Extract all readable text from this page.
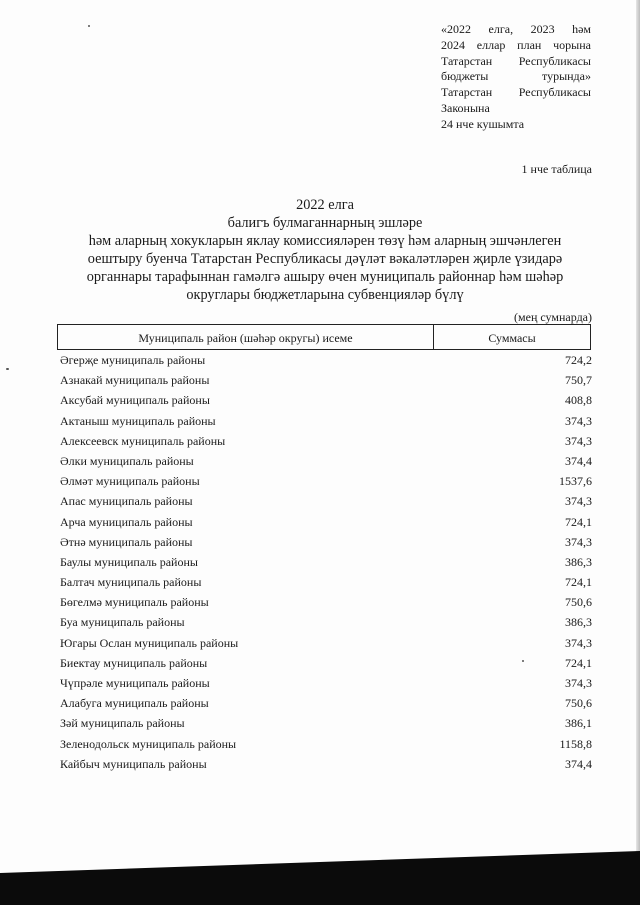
«2022 елга, 2023 һәм
2024 еллар план чорына
Татарстан Республикасы
бюджеты	турында»
Татарстан Республикасы
Законына
24 нче кушымта
1 нче таблица
2022 елга
балигъ булмаганнарның эшләре
һәм аларның хокукларын яклау комиссияләрен төзү һәм аларның эшчәнлеген
оештыру буенча Татарстан Республикасы дәүләт вәкаләтләрен җирле үзидарә
органнары тарафыннан гамәлгә ашыру өчен муниципаль районнар һәм шәһәр
округлары бюджетларына субвенцияләр бүлү
(мең сумнарда)
Муниципаль район (шәһәр округы) исеме	Суммасы
Әгерҗе муниципаль районы	724,2
Азнакай муниципаль районы	750,7
Аксубай муниципаль районы	408,8
Актаныш муниципаль районы	374,3
Алексеевск муниципаль районы	374,3
Әлки муниципаль районы	374,4
Әлмәт муниципаль районы	1537,6
Апас муниципаль районы	374,3
Арча муниципаль районы	724,1
Әтнә муниципаль районы	374,3
Баулы муниципаль районы	386,3
Балтач муниципаль районы	724,1
Бөгелмә муниципаль районы	750,6
Буа муниципаль районы	386,3
Югары Ослан муниципаль районы	374,3
Биектау муниципаль районы	724,1
Чүпрәле муниципаль районы	374,3
Алабуга муниципаль районы	750,6
Зәй муниципаль районы	386,1
Зеленодольск муниципаль районы	1158,8
Кайбыч муниципаль районы	374,4
